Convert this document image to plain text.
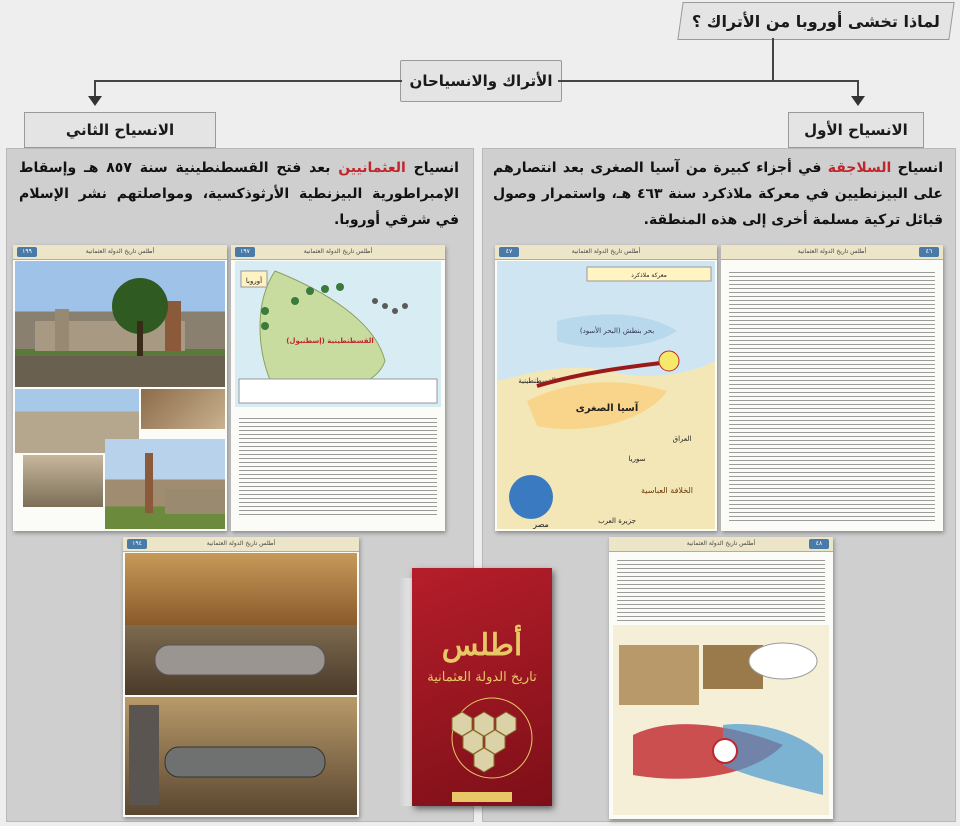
لماذا تخشى أوروبا من الأتراك ؟
الأتراك والانسياحان
الانسياح الثاني	الانسياح الأول
انسياح العثمانيين بعد فتح القسطنطينية سنة ٨٥٧ هـ وإسقاط الإمبراطورية البيزنطية الأرثوذكسية، ومواصلتهم نشر الإسلام في شرقي أوروبا.
أطلس تاريخ الدولة العثمانية
١٩٩	أطلس تاريخ الدولة العثمانية
١٩٧
أوروبا
القسطنطينية (إسطنبول)
أطلس تاريخ الدولة العثمانية
١٩٤
انسياح السلاجقة في أجزاء كبيرة من آسيا الصغرى بعد انتصارهم على البيزنطيين في معركة ملاذكرد سنة ٤٦٣ هـ، واستمرار وصول قبائل تركية مسلمة أخرى إلى هذه المنطقة.
أطلس تاريخ الدولة العثمانية
٤٧
معركة ملاذكرد
بحر بنطش (البحر الأسود)
آسيا الصغرى
القسطنطينية
العراق
سوريا
الخلافة العباسية
مصر	جزيرة العرب
أطلس تاريخ الدولة العثمانية	٤٦
أطلس تاريخ الدولة العثمانية	٤٨
أطلس
تاريخ الدولة العثمانية
